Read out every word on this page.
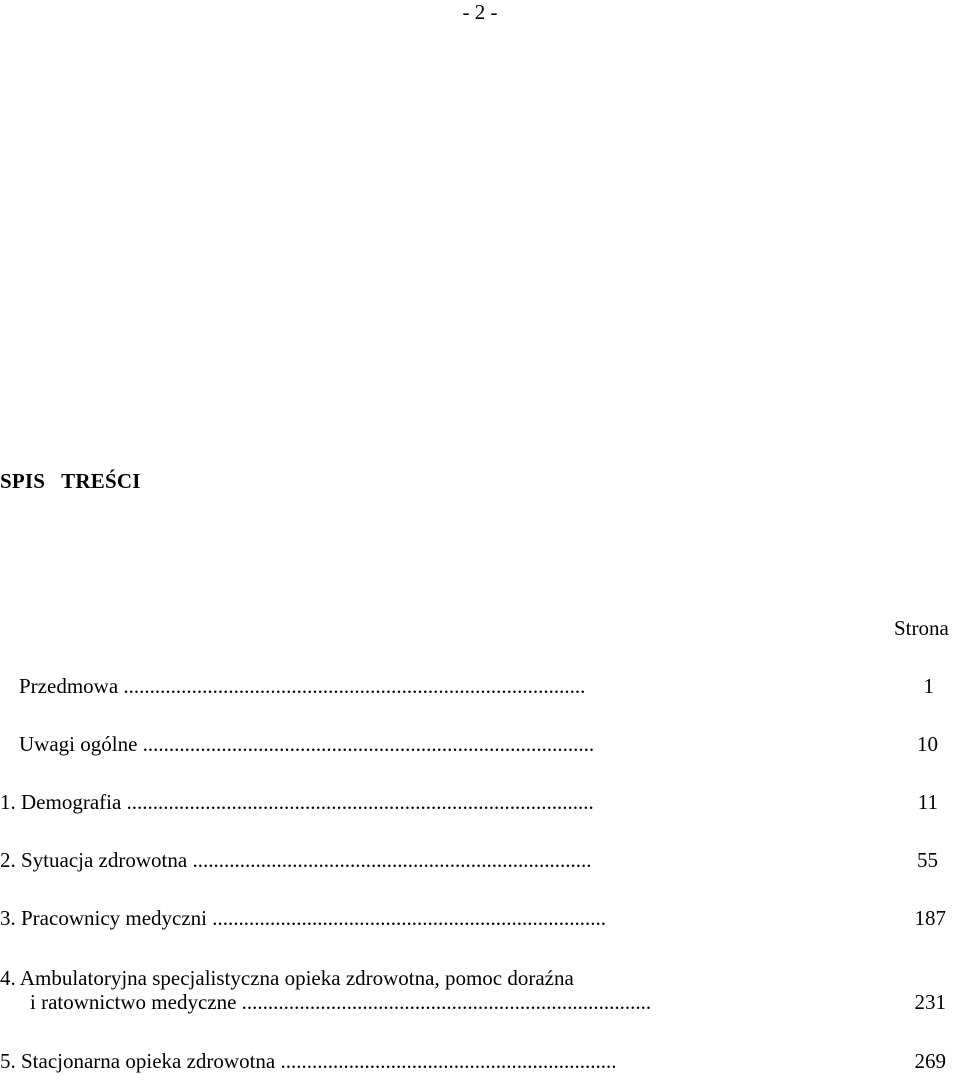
- 2 -
SPIS TREŚCI
Strona
Przedmowa ........................................................................................	1
Uwagi ogólne ......................................................................................	10
1. Demografia .........................................................................................	11
2. Sytuacja zdrowotna ............................................................................	55
3. Pracownicy medyczni ...........................................................................	187
4. Ambulatoryjna specjalistyczna opieka zdrowotna, pomoc doraźna
i ratownictwo medyczne ..............................................................................	231
5. Stacjonarna opieka zdrowotna ................................................................	269
